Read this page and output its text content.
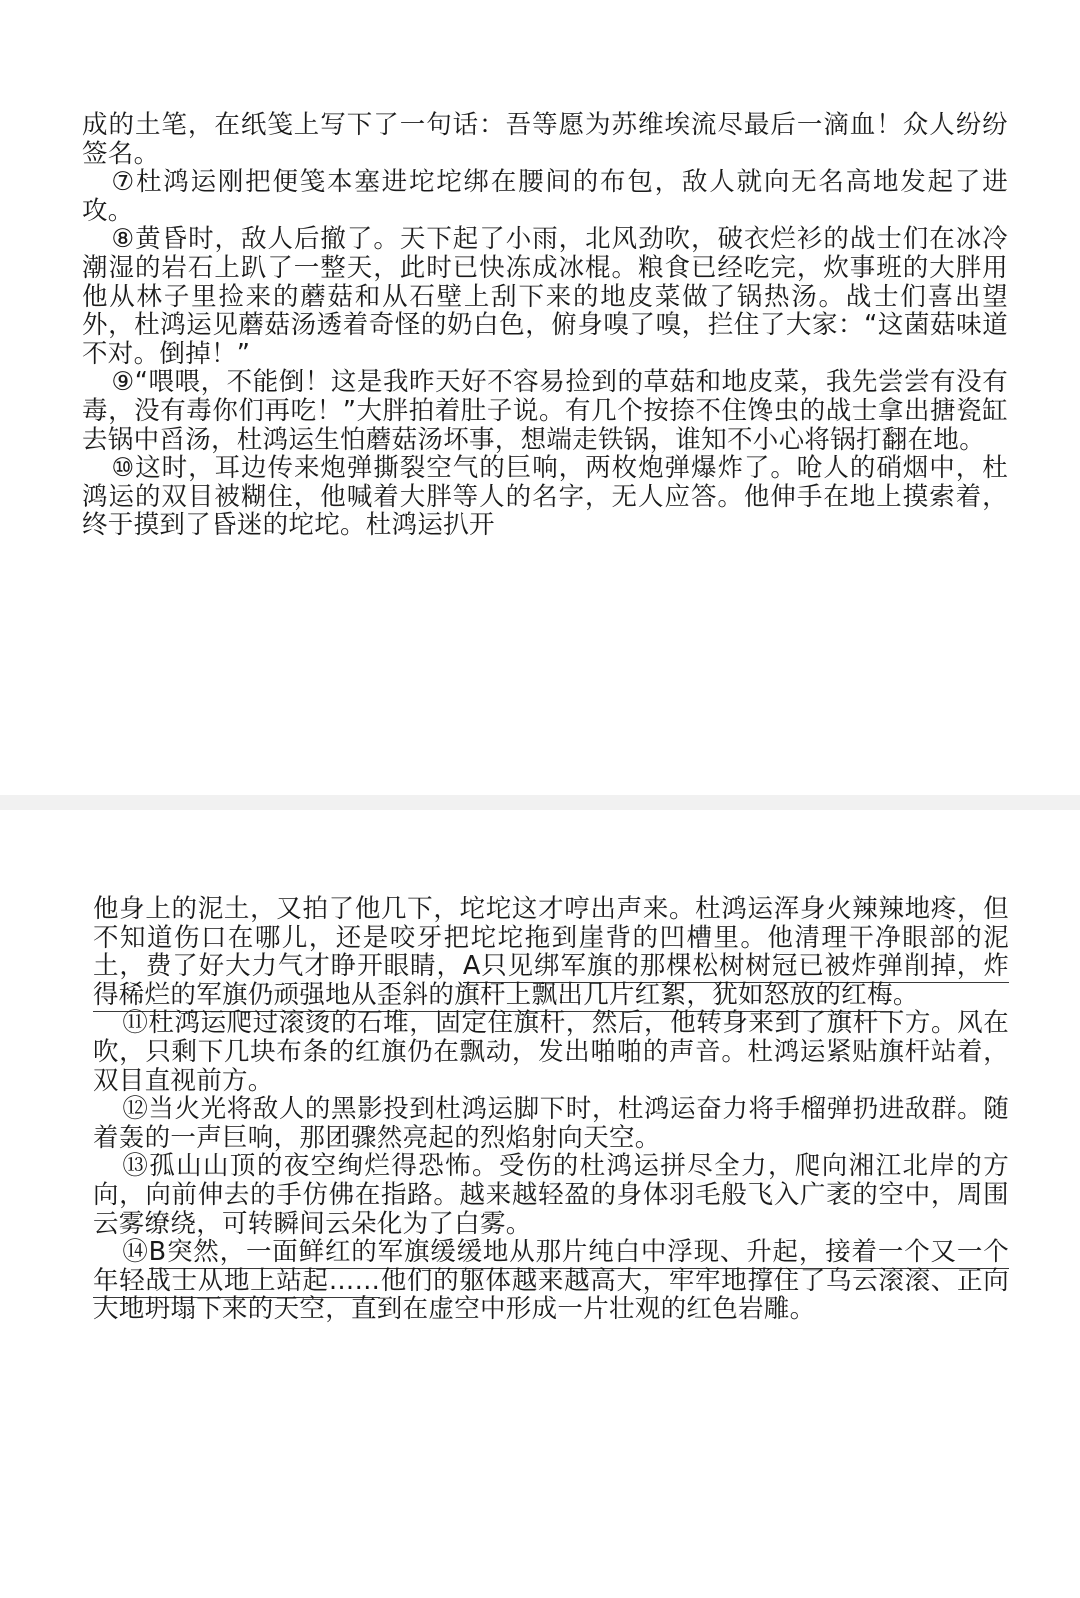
成的土笔，在纸笺上写下了一句话：吾等愿为苏维埃流尽最后一滴血！众人纷纷签名。

⑦杜鸿运刚把便笺本塞进坨坨绑在腰间的布包，敌人就向无名高地发起了进攻。

⑧黄昏时，敌人后撤了。天下起了小雨，北风劲吹，破衣烂衫的战士们在冰冷潮湿的岩石上趴了一整天，此时已快冻成冰棍。粮食已经吃完，炊事班的大胖用他从林子里捡来的蘑菇和从石壁上刮下来的地皮菜做了锅热汤。战士们喜出望外，杜鸿运见蘑菇汤透着奇怪的奶白色，俯身嗅了嗅，拦住了大家：“这菌菇味道不对。倒掉！”

⑨“喂喂，不能倒！这是我昨天好不容易捡到的草菇和地皮菜，我先尝尝有没有毒，没有毒你们再吃！”大胖拍着肚子说。有几个按捺不住馋虫的战士拿出搪瓷缸去锅中舀汤，杜鸿运生怕蘑菇汤坏事，想端走铁锅，谁知不小心将锅打翻在地。

⑩这时，耳边传来炮弹撕裂空气的巨响，两枚炮弹爆炸了。呛人的硝烟中，杜鸿运的双目被糊住，他喊着大胖等人的名字，无人应答。他伸手在地上摸索着，终于摸到了昏迷的坨坨。杜鸿运扒开

他身上的泥土，又拍了他几下，坨坨这才哼出声来。杜鸿运浑身火辣辣地疼，但不知道伤口在哪儿，还是咬牙把坨坨拖到崖背的凹槽里。他清理干净眼部的泥土，费了好大力气才睁开眼睛，A只见绑军旗的那棵松树树冠已被炸弹削掉，炸得稀烂的军旗仍顽强地从歪斜的旗杆上飘出几片红絮，犹如怒放的红梅。

⑪杜鸿运爬过滚烫的石堆，固定住旗杆，然后，他转身来到了旗杆下方。风在吹，只剩下几块布条的红旗仍在飘动，发出啪啪的声音。杜鸿运紧贴旗杆站着，双目直视前方。

⑫当火光将敌人的黑影投到杜鸿运脚下时，杜鸿运奋力将手榴弹扔进敌群。随着轰的一声巨响，那团骤然亮起的烈焰射向天空。

⑬孤山山顶的夜空绚烂得恐怖。受伤的杜鸿运拼尽全力，爬向湘江北岸的方向，向前伸去的手仿佛在指路。越来越轻盈的身体羽毛般飞入广袤的空中，周围云雾缭绕，可转瞬间云朵化为了白雾。

⑭B突然，一面鲜红的军旗缓缓地从那片纯白中浮现、升起，接着一个又一个年轻战士从地上站起……他们的躯体越来越高大，牢牢地撑住了乌云滚滚、正向大地坍塌下来的天空，直到在虚空中形成一片壮观的红色岩雕。
